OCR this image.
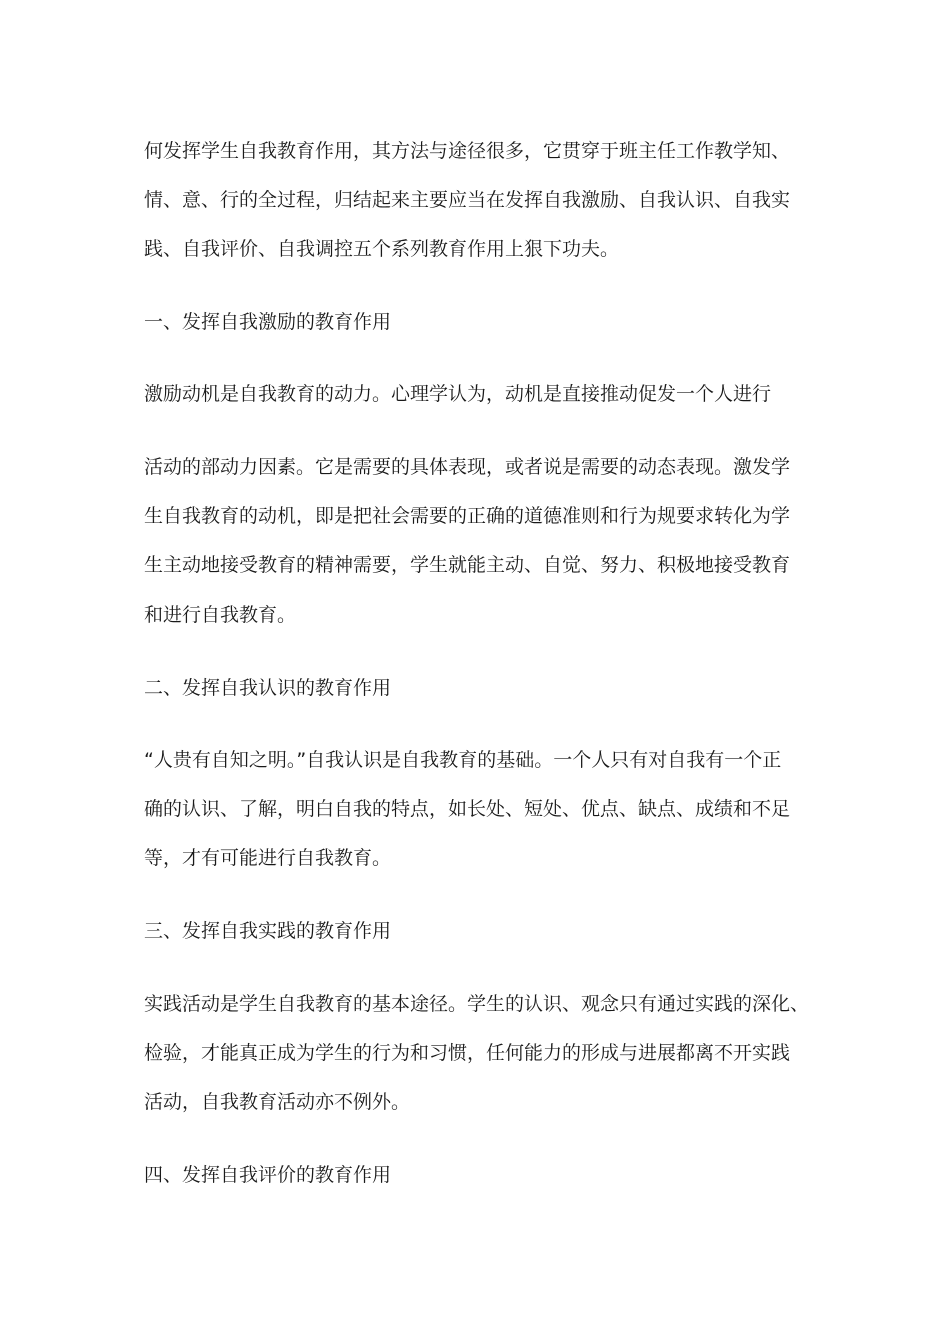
何发挥学生自我教育作用，其方法与途径很多，它贯穿于班主任工作教学知、
情、意、行的全过程，归结起来主要应当在发挥自我激励、自我认识、自我实
践、自我评价、自我调控五个系列教育作用上狠下功夫。
一、发挥自我激励的教育作用
激励动机是自我教育的动力。心理学认为，动机是直接推动促发一个人进行
活动的部动力因素。它是需要的具体表现，或者说是需要的动态表现。激发学
生自我教育的动机，即是把社会需要的正确的道德准则和行为规要求转化为学
生主动地接受教育的精神需要，学生就能主动、自觉、努力、积极地接受教育
和进行自我教育。
二、发挥自我认识的教育作用
“人贵有自知之明。”自我认识是自我教育的基础。一个人只有对自我有一个正
确的认识、了解，明白自我的特点，如长处、短处、优点、缺点、成绩和不足
等，才有可能进行自我教育。
三、发挥自我实践的教育作用
实践活动是学生自我教育的基本途径。学生的认识、观念只有通过实践的深化、
检验，才能真正成为学生的行为和习惯，任何能力的形成与进展都离不开实践
活动，自我教育活动亦不例外。
四、发挥自我评价的教育作用
